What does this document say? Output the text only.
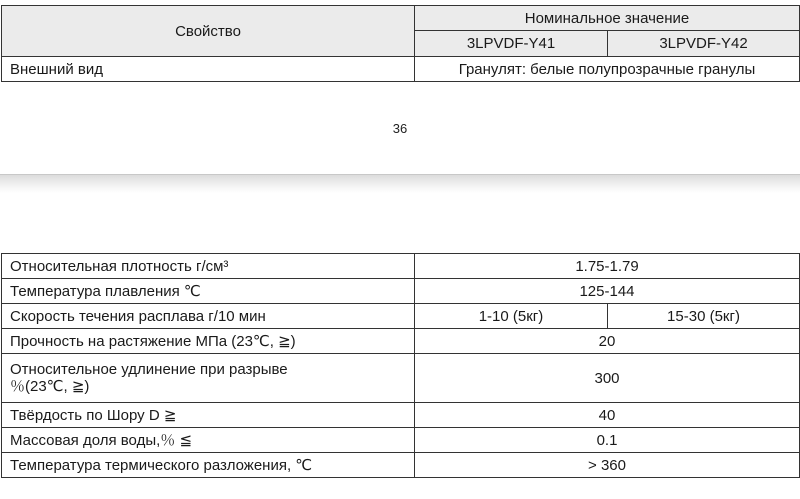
Свойство	Номинальное значение	
	3LPVDF-Y41	3LPVDF-Y42
Внешний вид	Гранулят: белые полупрозрачные гранулы	
36
Относительная плотность г/см³	1.75-1.79	
Температура плавления ℃	125-144	
Скорость течения расплава г/10 мин	1-10 (5кг)	15-30 (5кг)
Прочность на растяжение МПа (23℃, ≧)	20	

Относительное удлинение при разрыве
％(23℃, ≧)	300	
Твёрдость по Шору D ≧	40	
Массовая доля воды,％ ≦	0.1	
Температура термического разложения, ℃	> 360	
